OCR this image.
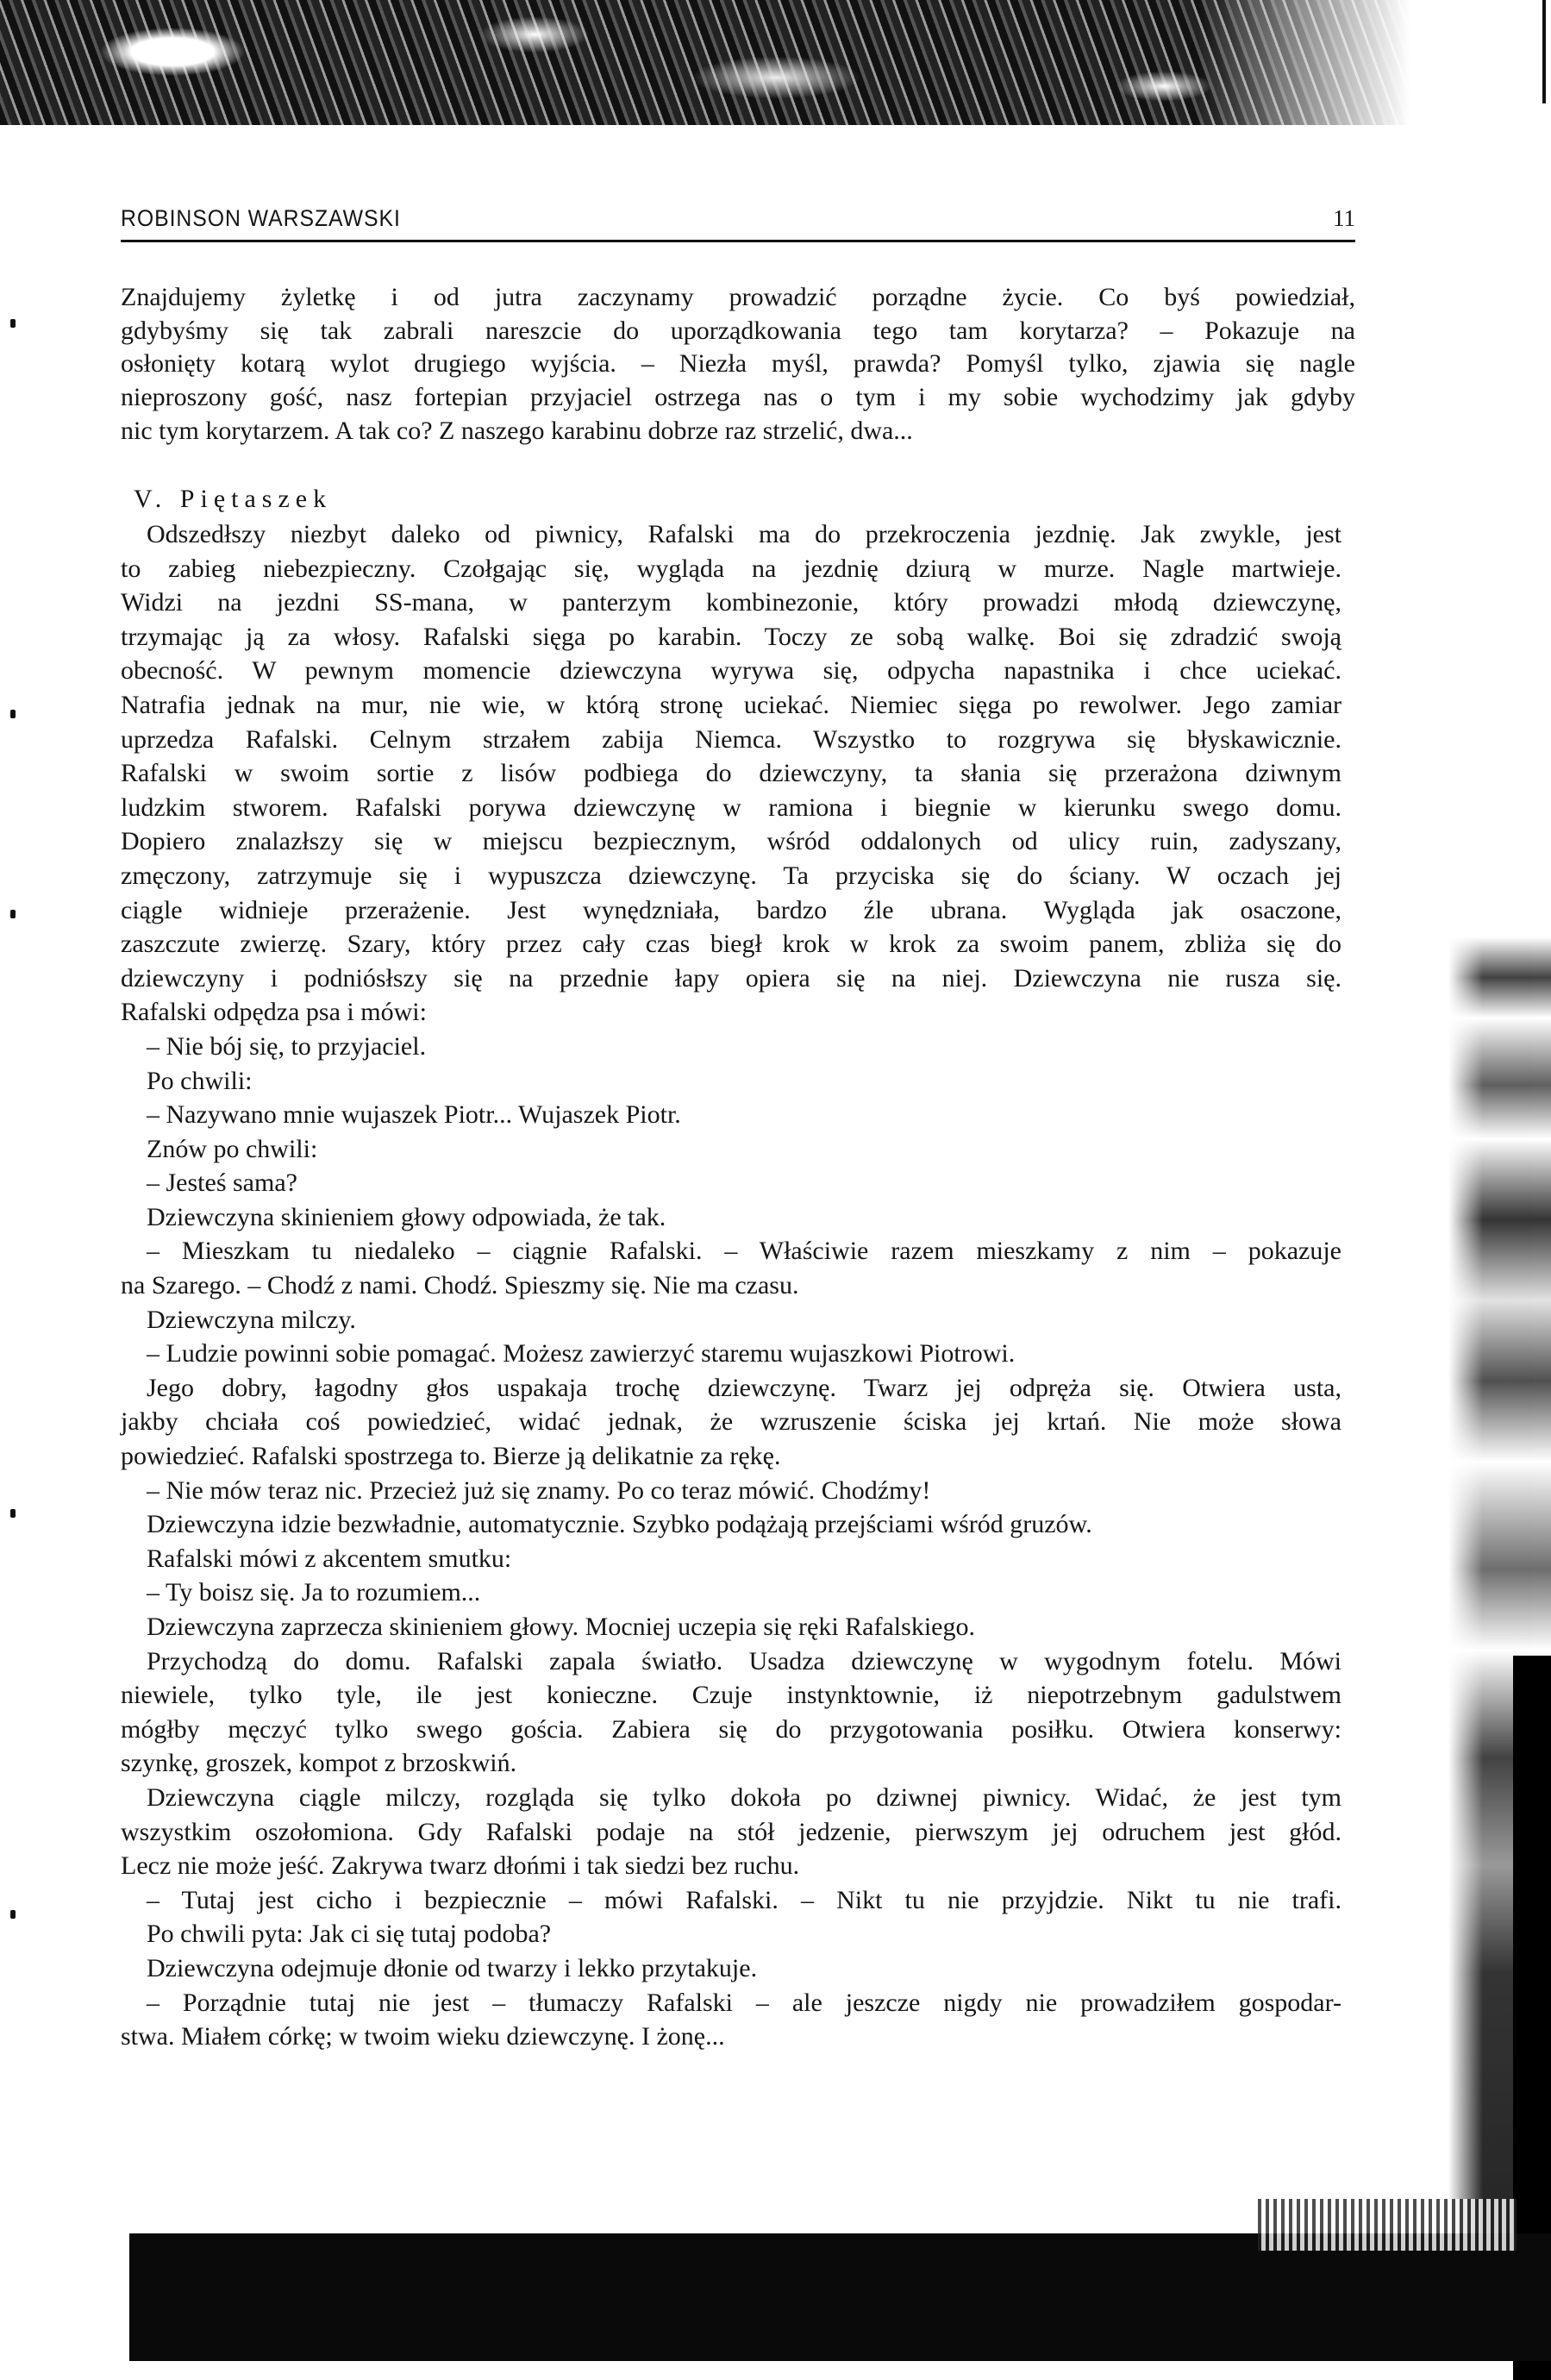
ROBINSON WARSZAWSKI	11
Znajdujemy żyletkę i od jutra zaczynamy prowadzić porządne życie. Co byś powiedział,
gdybyśmy się tak zabrali nareszcie do uporządkowania tego tam korytarza? – Pokazuje na
osłonięty kotarą wylot drugiego wyjścia. – Niezła myśl, prawda? Pomyśl tylko, zjawia się nagle
nieproszony gość, nasz fortepian przyjaciel ostrzega nas o tym i my sobie wychodzimy jak gdyby
nic tym korytarzem. A tak co? Z naszego karabinu dobrze raz strzelić, dwa...
V. Piętaszek
Odszedłszy niezbyt daleko od piwnicy, Rafalski ma do przekroczenia jezdnię. Jak zwykle, jest
to zabieg niebezpieczny. Czołgając się, wygląda na jezdnię dziurą w murze. Nagle martwieje.
Widzi na jezdni SS-mana, w panterzym kombinezonie, który prowadzi młodą dziewczynę,
trzymając ją za włosy. Rafalski sięga po karabin. Toczy ze sobą walkę. Boi się zdradzić swoją
obecność. W pewnym momencie dziewczyna wyrywa się, odpycha napastnika i chce uciekać.
Natrafia jednak na mur, nie wie, w którą stronę uciekać. Niemiec sięga po rewolwer. Jego zamiar
uprzedza Rafalski. Celnym strzałem zabija Niemca. Wszystko to rozgrywa się błyskawicznie.
Rafalski w swoim sortie z lisów podbiega do dziewczyny, ta słania się przerażona dziwnym
ludzkim stworem. Rafalski porywa dziewczynę w ramiona i biegnie w kierunku swego domu.
Dopiero znalazłszy się w miejscu bezpiecznym, wśród oddalonych od ulicy ruin, zadyszany,
zmęczony, zatrzymuje się i wypuszcza dziewczynę. Ta przyciska się do ściany. W oczach jej
ciągle widnieje przerażenie. Jest wynędzniała, bardzo źle ubrana. Wygląda jak osaczone,
zaszczute zwierzę. Szary, który przez cały czas biegł krok w krok za swoim panem, zbliża się do
dziewczyny i podniósłszy się na przednie łapy opiera się na niej. Dziewczyna nie rusza się.
Rafalski odpędza psa i mówi:
– Nie bój się, to przyjaciel.
Po chwili:
– Nazywano mnie wujaszek Piotr... Wujaszek Piotr.
Znów po chwili:
– Jesteś sama?
Dziewczyna skinieniem głowy odpowiada, że tak.
– Mieszkam tu niedaleko – ciągnie Rafalski. – Właściwie razem mieszkamy z nim – pokazuje
na Szarego. – Chodź z nami. Chodź. Spieszmy się. Nie ma czasu.
Dziewczyna milczy.
– Ludzie powinni sobie pomagać. Możesz zawierzyć staremu wujaszkowi Piotrowi.
Jego dobry, łagodny głos uspakaja trochę dziewczynę. Twarz jej odpręża się. Otwiera usta,
jakby chciała coś powiedzieć, widać jednak, że wzruszenie ściska jej krtań. Nie może słowa
powiedzieć. Rafalski spostrzega to. Bierze ją delikatnie za rękę.
– Nie mów teraz nic. Przecież już się znamy. Po co teraz mówić. Chodźmy!
Dziewczyna idzie bezwładnie, automatycznie. Szybko podążają przejściami wśród gruzów.
Rafalski mówi z akcentem smutku:
– Ty boisz się. Ja to rozumiem...
Dziewczyna zaprzecza skinieniem głowy. Mocniej uczepia się ręki Rafalskiego.
Przychodzą do domu. Rafalski zapala światło. Usadza dziewczynę w wygodnym fotelu. Mówi
niewiele, tylko tyle, ile jest konieczne. Czuje instynktownie, iż niepotrzebnym gadulstwem
mógłby męczyć tylko swego gościa. Zabiera się do przygotowania posiłku. Otwiera konserwy:
szynkę, groszek, kompot z brzoskwiń.
Dziewczyna ciągle milczy, rozgląda się tylko dokoła po dziwnej piwnicy. Widać, że jest tym
wszystkim oszołomiona. Gdy Rafalski podaje na stół jedzenie, pierwszym jej odruchem jest głód.
Lecz nie może jeść. Zakrywa twarz dłońmi i tak siedzi bez ruchu.
– Tutaj jest cicho i bezpiecznie – mówi Rafalski. – Nikt tu nie przyjdzie. Nikt tu nie trafi.
Po chwili pyta: Jak ci się tutaj podoba?
Dziewczyna odejmuje dłonie od twarzy i lekko przytakuje.
– Porządnie tutaj nie jest – tłumaczy Rafalski – ale jeszcze nigdy nie prowadziłem gospodar-
stwa. Miałem córkę; w twoim wieku dziewczynę. I żonę...
